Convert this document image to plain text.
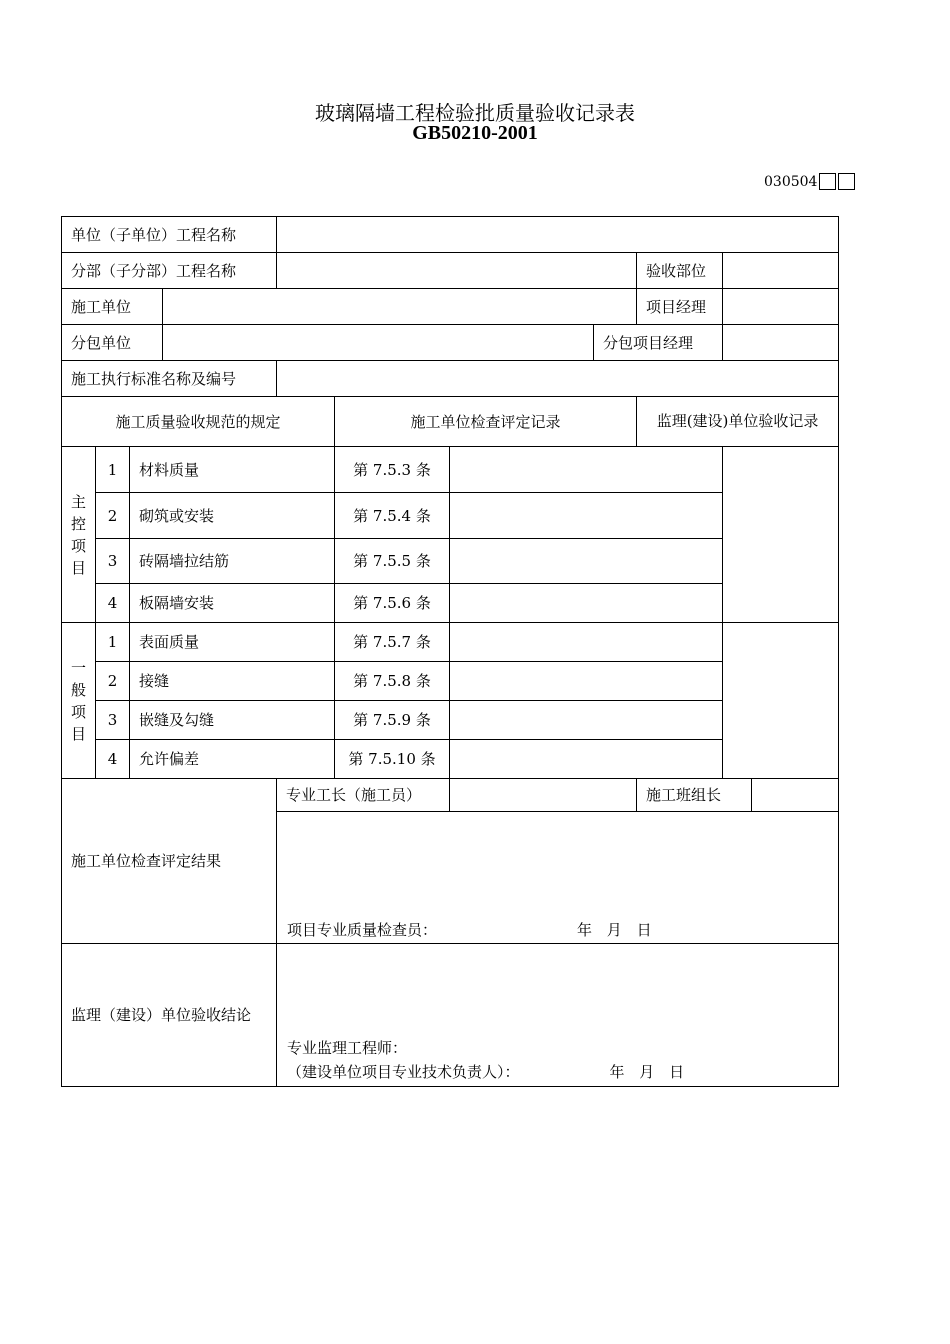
玻璃隔墙工程检验批质量验收记录表
GB50210-2001
030504
单位（子单位）工程名称										
分部（子分部）工程名称								验收部位		
施工单位								项目经理		
分包单位							分包项目经理			
施工执行标准名称及编号										
施工质量验收规范的规定					施工单位检查评定记录			监理(建设)单位验收记录		
主控项目	1	材料质量			第 7.5.3 条					
	2	砌筑或安装			第 7.5.4 条					
	3	砖隔墙拉结筋			第 7.5.5 条					
	4	板隔墙安装			第 7.5.6 条					
一般项目	1	表面质量			第 7.5.7 条					
	2	接缝			第 7.5.8 条					
	3	嵌缝及勾缝			第 7.5.9 条					
	4	允许偏差			第 7.5.10 条					
施工单位检查评定结果				专业工长（施工员）				施工班组长		

				项目专业质量检查员： 年 月 日						

监理（建设）单位验收结论				专业监理工程师：
（建设单位项目专业技术负责人）： 年 月 日						
